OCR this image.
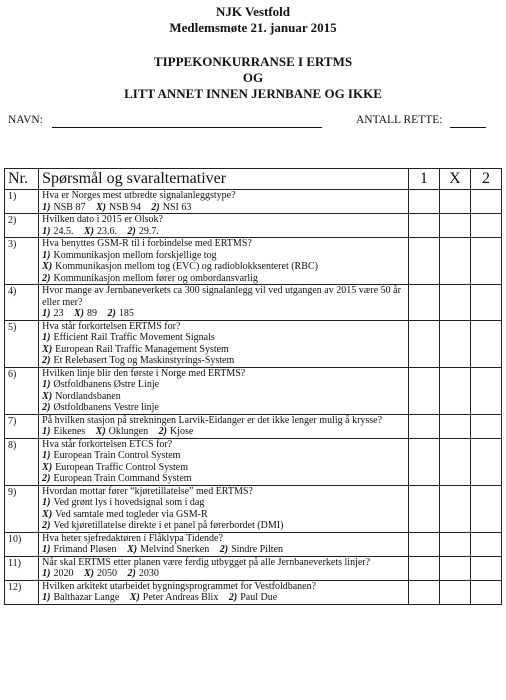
NJK Vestfold
Medlemsmøte 21. januar 2015
TIPPEKONKURRANSE I ERTMS
OG
LITT ANNET INNEN JERNBANE OG IKKE
NAVN:	ANTALL RETTE:
Nr.	Spørsmål og svaralternativer	1	X	2
1)	Hva er Norges mest utbredte signalanleggstype?
1) NSB 87 X) NSB 94 2) NSI 63			

2)	Hvilken dato i 2015 er Olsok?
1) 24.5. X) 23.6. 2) 29.7.			

3)	Hva benyttes GSM-R til i forbindelse med ERTMS?
1) Kommunikasjon mellom forskjellige tog
X) Kommunikasjon mellom tog (EVC) og radioblokksenteret (RBC)
2) Kommunikasjon mellom fører og ombordansvarlig			

4)	Hvor mange av Jernbaneverkets ca 300 signalanlegg vil ved utgangen av 2015 være 50 år eller mer?
1) 23 X) 89 2) 185			

5)	Hva står forkortelsen ERTMS for?
1) Efficient Rail Traffic Movement Signals
X) European Rail Traffic Management System
2) Et Relebasert Tog og Maskinstyrings-System			

6)	Hvilken linje blir den første i Norge med ERTMS?
1) Østfoldbanens Østre Linje
X) Nordlandsbanen
2) Østfoldbanens Vestre linje			

7)	På hvilken stasjon på strekningen Larvik-Eidanger er det ikke lenger mulig å krysse?
1) Eikenes X) Oklungen 2) Kjose			

8)	Hva står forkortelsen ETCS for?
1) European Train Control System
X) European Traffic Control System
2) European Train Command System			

9)	Hvordan mottar fører “kjøretillatelse” med ERTMS?
1) Ved grønt lys i hovedsignal som i dag
X) Ved samtale med togleder via GSM-R
2) Ved kjøretillatelse direkte i et panel på førerbordet (DMI)			

10)	Hva heter sjefredaktøren i Flåklypa Tidende?
1) Frimand Pløsen X) Melvind Snerken 2) Sindre Pilten			

11)	Når skal ERTMS etter planen være ferdig utbygget på alle Jernbaneverkets linjer?
1) 2020 X) 2050 2) 2030			

12)	Hvilken arkitekt utarbeidet bygningsprogrammet for Vestfoldbanen?
1) Balthazar Lange X) Peter Andreas Blix 2) Paul Due			
